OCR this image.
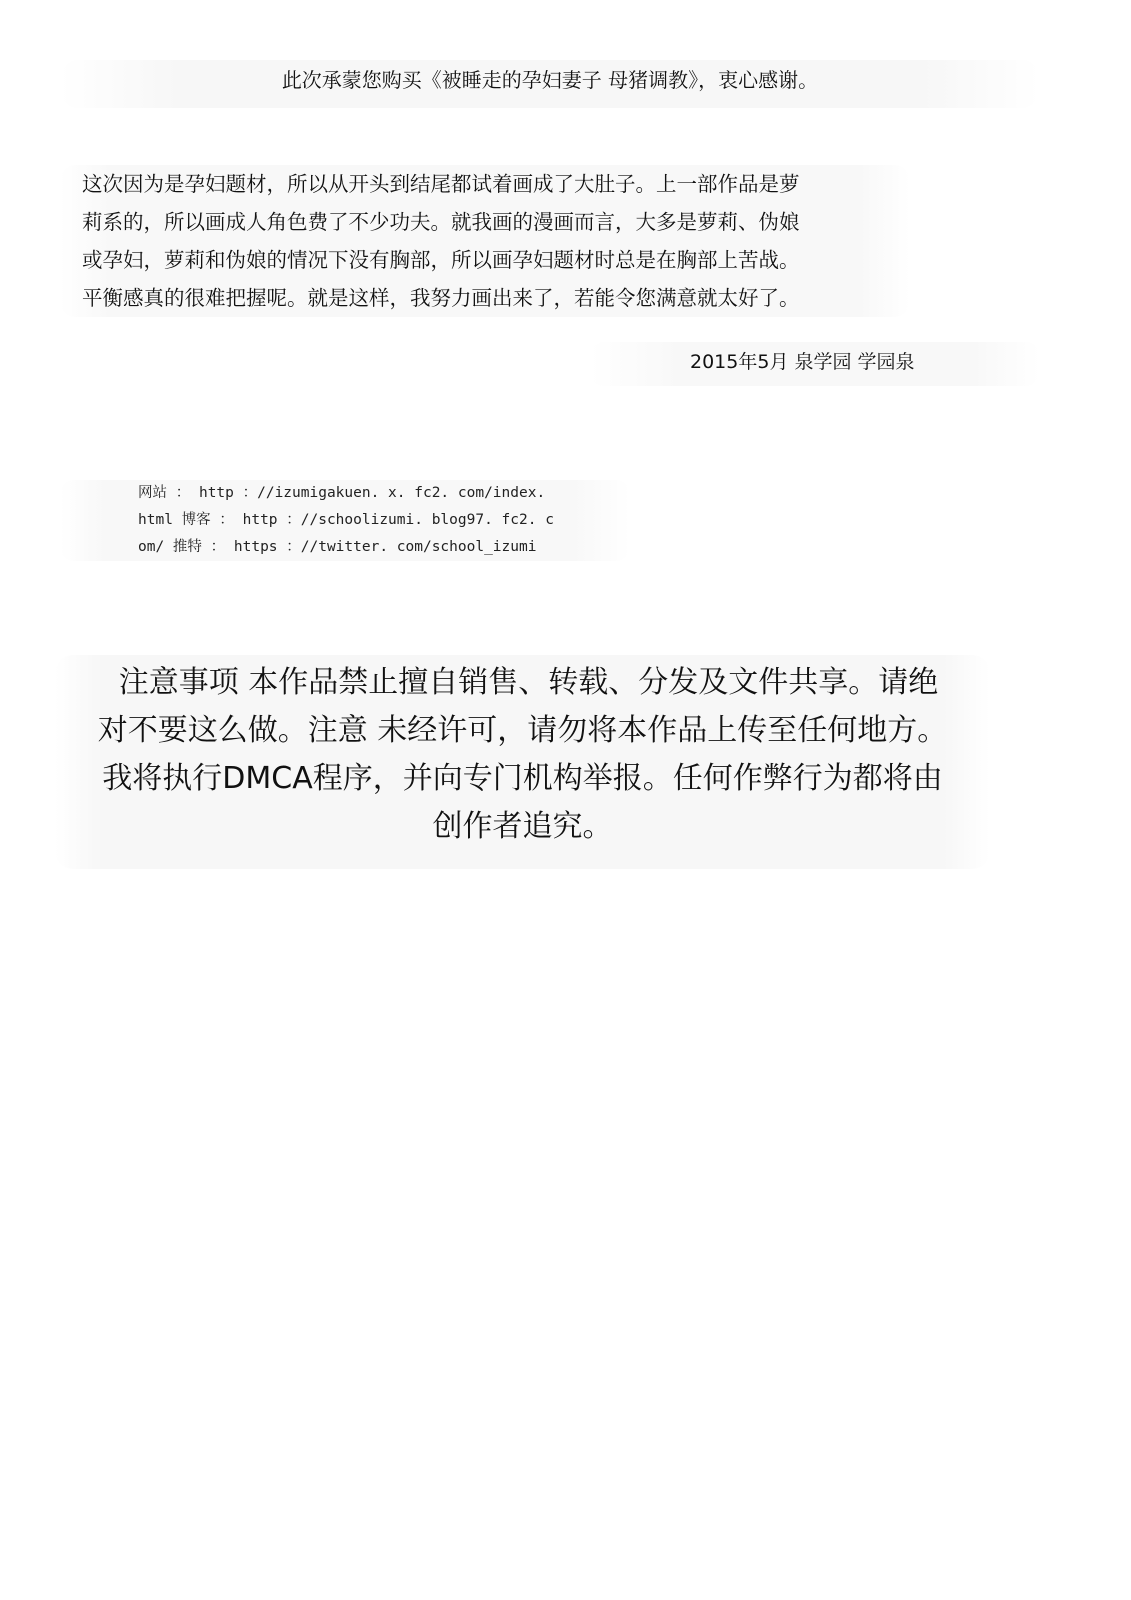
此次承蒙您购买《被睡走的孕妇妻子 母猪调教》，衷心感谢。
这次因为是孕妇题材，所以从开头到结尾都试着画成了大肚子。上一部作品是萝
莉系的，所以画成人角色费了不少功夫。就我画的漫画而言，大多是萝莉、伪娘
或孕妇，萝莉和伪娘的情况下没有胸部，所以画孕妇题材时总是在胸部上苦战。
平衡感真的很难把握呢。就是这样，我努力画出来了，若能令您满意就太好了。
2015年5月 泉学园 学园泉
网站 ： http ：//izumigakuen. x. fc2. com/index.
html 博客 ： http ：//schoolizumi. blog97. fc2. c
om/ 推特 ： https ：//twitter. com/school_izumi
注意事项 本作品禁止擅自销售、转载、分发及文件共享。请绝
对不要这么做。注意 未经许可，请勿将本作品上传至任何地方。
我将执行DMCA程序，并向专门机构举报。任何作弊行为都将由
创作者追究。
